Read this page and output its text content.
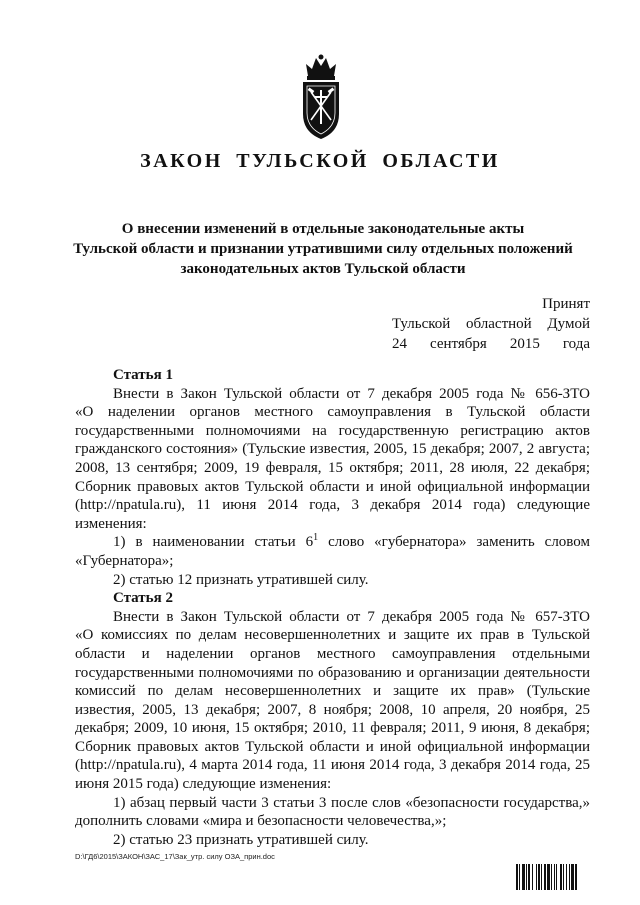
ЗАКОН ТУЛЬСКОЙ ОБЛАСТИ
О внесении изменений в отдельные законодательные акты
Тульской области и признании утратившими силу отдельных положений
законодательных актов Тульской области
Принят
Тульской областной Думой
24 сентября 2015 года
Статья 1
Внести в Закон Тульской области от 7 декабря 2005 года № 656-ЗТО
«О наделении органов местного самоуправления в Тульской области
государственными полномочиями на государственную регистрацию актов
гражданского состояния» (Тульские известия, 2005, 15 декабря; 2007, 2 августа;
2008, 13 сентября; 2009, 19 февраля, 15 октября; 2011, 28 июля, 22 декабря;
Сборник правовых актов Тульской области и иной официальной информации
(http://npatula.ru), 11 июня 2014 года, 3 декабря 2014 года) следующие
изменения:
1) в наименовании статьи $6^1$ слово «губернатора» заменить словом
«Губернатора»;
2) статью 12 признать утратившей силу.
Статья 2
Внести в Закон Тульской области от 7 декабря 2005 года № 657-ЗТО
«О комиссиях по делам несовершеннолетних и защите их прав в Тульской
области и наделении органов местного самоуправления отдельными
государственными полномочиями по образованию и организации деятельности
комиссий по делам несовершеннолетних и защите их прав» (Тульские
известия, 2005, 13 декабря; 2007, 8 ноября; 2008, 10 апреля, 20 ноября, 25
декабря; 2009, 10 июня, 15 октября; 2010, 11 февраля; 2011, 9 июня, 8 декабря;
Сборник правовых актов Тульской области и иной официальной информации
(http://npatula.ru), 4 марта 2014 года, 11 июня 2014 года, 3 декабря 2014 года, 25
июня 2015 года) следующие изменения:
1) абзац первый части 3 статьи 3 после слов «безопасности государства,»
дополнить словами «мира и безопасности человечества,»;
2) статью 23 признать утратившей силу.
D:\ГД6\2015\ЗАКОН\ЗАС_17\Зак_утр. силу ОЗА_прин.doc
